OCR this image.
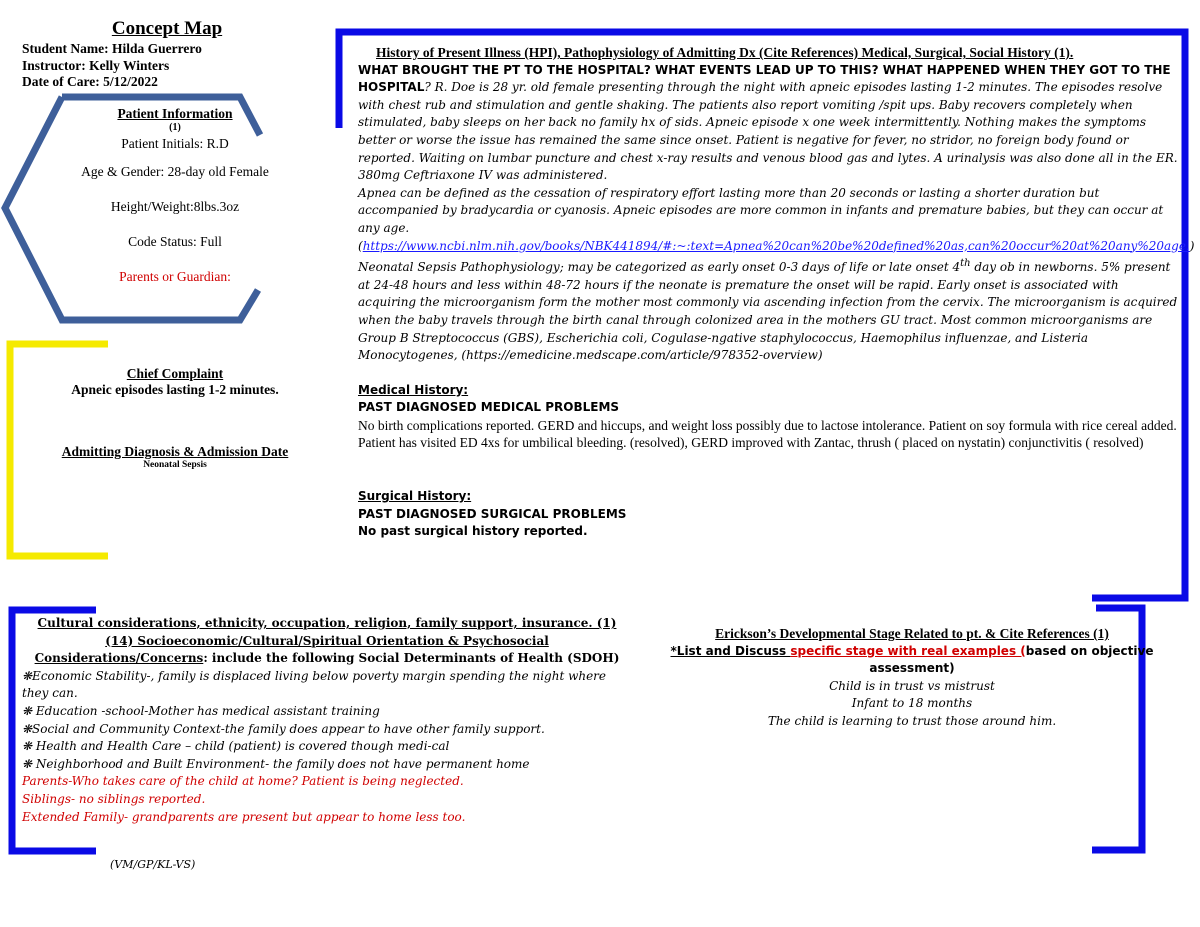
Concept Map
Student Name: Hilda Guerrero
Instructor: Kelly Winters
Date of Care: 5/12/2022
Patient Information
(1)
Patient Initials: R.D
Age & Gender: 28-day old Female
Height/Weight:8lbs.3oz
Code Status: Full
Parents or Guardian:
Chief Complaint
Apneic episodes lasting 1-2 minutes.
Admitting Diagnosis & Admission Date
Neonatal Sepsis
History of Present Illness (HPI), Pathophysiology of Admitting Dx (Cite References) Medical, Surgical, Social History (1).
WHAT BROUGHT THE PT TO THE HOSPITAL? WHAT EVENTS LEAD UP TO THIS? WHAT HAPPENED WHEN THEY GOT TO THE HOSPITAL? R. Doe is 28 yr. old female presenting through the night with apneic episodes lasting 1-2 minutes. The episodes resolve with chest rub and stimulation and gentle shaking. The patients also report vomiting /spit ups. Baby recovers completely when stimulated, baby sleeps on her back no family hx of sids. Apneic episode x one week intermittently. Nothing makes the symptoms better or worse the issue has remained the same since onset. Patient is negative for fever, no stridor, no foreign body found or reported. Waiting on lumbar puncture and chest x-ray results and venous blood gas and lytes. A urinalysis was also done all in the ER. 380mg Ceftriaxone IV was administered.
Apnea can be defined as the cessation of respiratory effort lasting more than 20 seconds or lasting a shorter duration but accompanied by bradycardia or cyanosis. Apneic episodes are more common in infants and premature babies, but they can occur at any age. (https://www.ncbi.nlm.nih.gov/books/NBK441894/#:~:text=Apnea%20can%20be%20defined%20as,can%20occur%20at%20any%20age.) Neonatal Sepsis Pathophysiology; may be categorized as early onset 0-3 days of life or late onset 4th day ob in newborns. 5% present at 24-48 hours and less within 48-72 hours if the neonate is premature the onset will be rapid. Early onset is associated with acquiring the microorganism form the mother most commonly via ascending infection from the cervix. The microorganism is acquired when the baby travels through the birth canal through colonized area in the mothers GU tract. Most common microorganisms are Group B Streptococcus (GBS), Escherichia coli, Cogulase-ngative staphylococcus, Haemophilus influenzae, and Listeria Monocytogenes, (https://emedicine.medscape.com/article/978352-overview)
Medical History:
PAST DIAGNOSED MEDICAL PROBLEMS
No birth complications reported. GERD and hiccups, and weight loss possibly due to lactose intolerance. Patient on soy formula with rice cereal added. Patient has visited ED 4xs for umbilical bleeding. (resolved), GERD improved with Zantac, thrush ( placed on nystatin) conjunctivitis ( resolved)
Surgical History:
PAST DIAGNOSED SURGICAL PROBLEMS
No past surgical history reported.
Cultural considerations, ethnicity, occupation, religion, family support, insurance. (1)
(14) Socioeconomic/Cultural/Spiritual Orientation & Psychosocial
Considerations/Concerns: include the following Social Determinants of Health (SDOH)
❋Economic Stability-, family is displaced living below poverty margin spending the night where they can.
❋ Education -school-Mother has medical assistant training
❋Social and Community Context-the family does appear to have other family support.
❋ Health and Health Care – child (patient) is covered though medi-cal
❋ Neighborhood and Built Environment- the family does not have permanent home
Parents-Who takes care of the child at home? Patient is being neglected.
Siblings- no siblings reported.
Extended Family- grandparents are present but appear to home less too.
(VM/GP/KL-VS)
Erickson’s Developmental Stage Related to pt. & Cite References (1)
*List and Discuss specific stage with real examples (based on objective assessment)
Child is in trust vs mistrust
Infant to 18 months
The child is learning to trust those around him.
